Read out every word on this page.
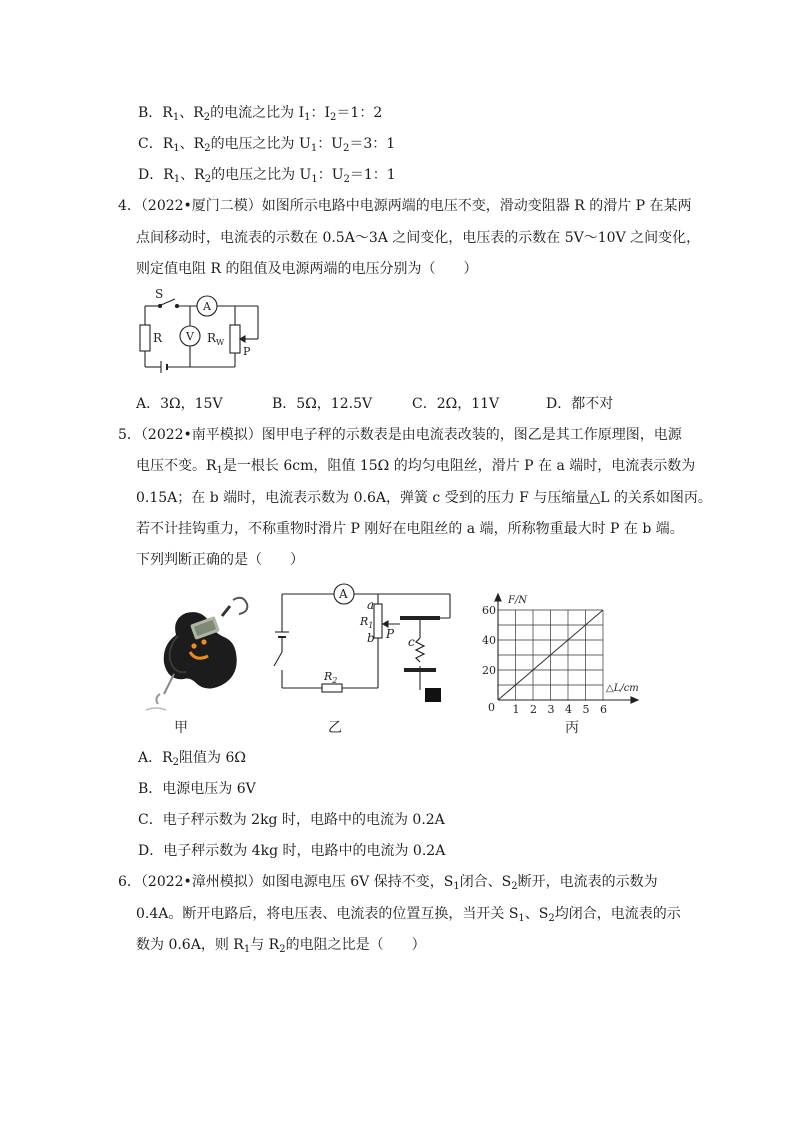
B．$R_1$、$R_2$的电流之比为 $I_1$：$I_2=1$：2
C．$R_1$、$R_2$的电压之比为 $U_1$：$U_2=3$：1
D．$R_1$、$R_2$的电压之比为 $U_1$：$U_2=1$：1
4．（2022•厦门二模）如图所示电路中电源两端的电压不变，滑动变阻器 R 的滑片 P 在某两
点间移动时，电流表的示数在 0.5A～3A 之间变化，电压表的示数在 5V～10V 之间变化，
则定值电阻 R 的阻值及电源两端的电压分别为（　　）
S
A
V
R	$R_W$
P
A．3Ω，15V	B．5Ω，12.5V	C．2Ω，11V	D．都不对
5．（2022•南平模拟）图甲电子秤的示数表是由电流表改装的，图乙是其工作原理图，电源
电压不变。$R_1$是一根长 6cm，阻值 15Ω 的均匀电阻丝，滑片 P 在 a 端时，电流表示数为
0.15A；在 b 端时，电流表示数为 0.6A，弹簧 c 受到的压力 F 与压缩量△L 的关系如图丙。
若不计挂钩重力，不称重物时滑片 P 刚好在电阻丝的 a 端，所称物重最大时 P 在 b 端。
下列判断正确的是（　　）
甲
A
a
$R_1$
b P
c
$R_2$
乙
1 2 3 4 5 6
20
40
60
F/N
△L/cm
0
丙
A．$R_2$阻值为 6Ω
B．电源电压为 6V
C．电子秤示数为 2kg 时，电路中的电流为 0.2A
D．电子秤示数为 4kg 时，电路中的电流为 0.2A
6．（2022•漳州模拟）如图电源电压 6V 保持不变，$S_1$闭合、$S_2$断开，电流表的示数为
0.4A。断开电路后，将电压表、电流表的位置互换，当开关 $S_1$、$S_2$均闭合，电流表的示
数为 0.6A，则 $R_1$与 $R_2$的电阻之比是（　　）
